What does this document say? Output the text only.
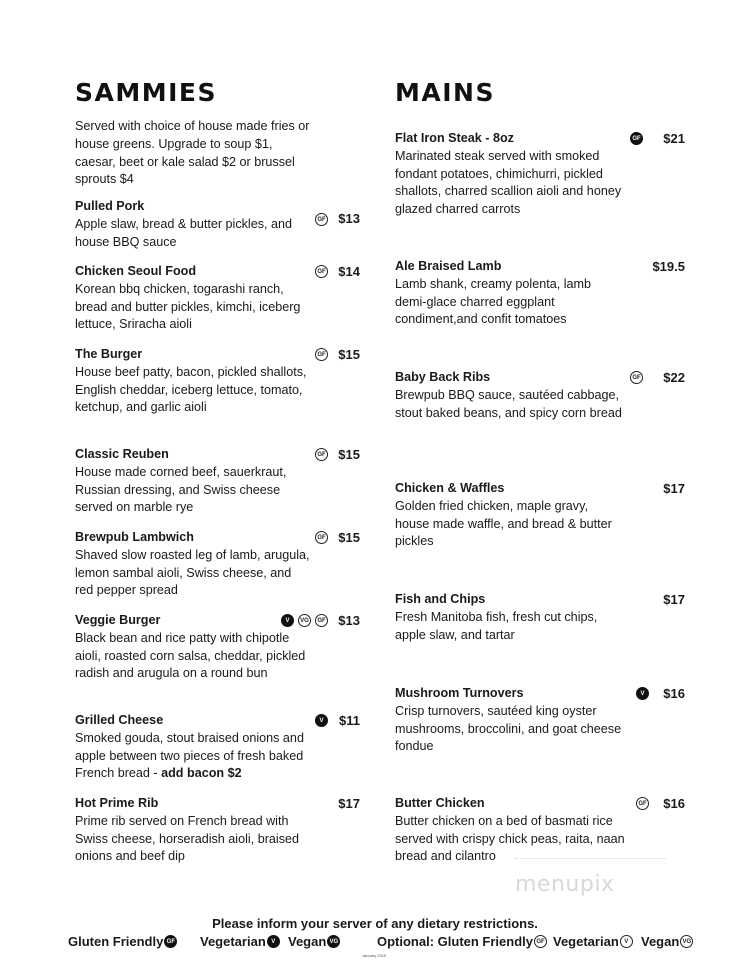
SAMMIES

Served with choice of house made fries or house greens. Upgrade to soup $1, caesar, beet or kale salad $2 or brussel sprouts $4

Pulled Pork
Apple slaw, bread & butter pickles, and house BBQ sauce
GF $13
Chicken Seoul Food
Korean bbq chicken, togarashi ranch, bread and butter pickles, kimchi, iceberg lettuce, Sriracha aioli
GF $14
The Burger
House beef patty, bacon, pickled shallots, English cheddar, iceberg lettuce, tomato, ketchup, and garlic aioli
GF $15
Classic Reuben
House made corned beef, sauerkraut, Russian dressing, and Swiss cheese served on marble rye
GF $15
Brewpub Lambwich
Shaved slow roasted leg of lamb, arugula, lemon sambal aioli, Swiss cheese, and red pepper spread
GF $15
Veggie Burger
Black bean and rice patty with chipotle aioli, roasted corn salsa, cheddar, pickled radish and arugula on a round bun
V	VG	GF $13
Grilled Cheese
Smoked gouda, stout braised onions and apple between two pieces of fresh baked French bread - add bacon $2
V	$11
Hot Prime Rib
Prime rib served on French bread with Swiss cheese, horseradish aioli, braised onions and beef dip
$17
MAINS
Flat Iron Steak - 8oz
Marinated steak served with smoked fondant potatoes, chimichurri, pickled shallots, charred scallion aioli and honey glazed charred carrots
GF $21
Ale Braised Lamb
Lamb shank, creamy polenta, lamb demi-glace charred eggplant condiment,and confit tomatoes
$19.5
Baby Back Ribs
Brewpub BBQ sauce, sautéed cabbage, stout baked beans, and spicy corn bread
GF $22
Chicken & Waffles
Golden fried chicken, maple gravy, house made waffle, and bread & butter pickles
$17
Fish and Chips
Fresh Manitoba fish, fresh cut chips, apple slaw, and tartar
$17
Mushroom Turnovers
Crisp turnovers, sautéed king oyster mushrooms, broccolini, and goat cheese fondue
V	$16
Butter Chicken
Butter chicken on a bed of basmati rice served with crispy chick peas, raita, naan bread and cilantro
GF $16
menupix
Please inform your server of any dietary restrictions.
Gluten Friendly GF Vegetarian V Vegan VG	Optional: Gluten Friendly GF Vegetarian V Vegan VG
January 2019
